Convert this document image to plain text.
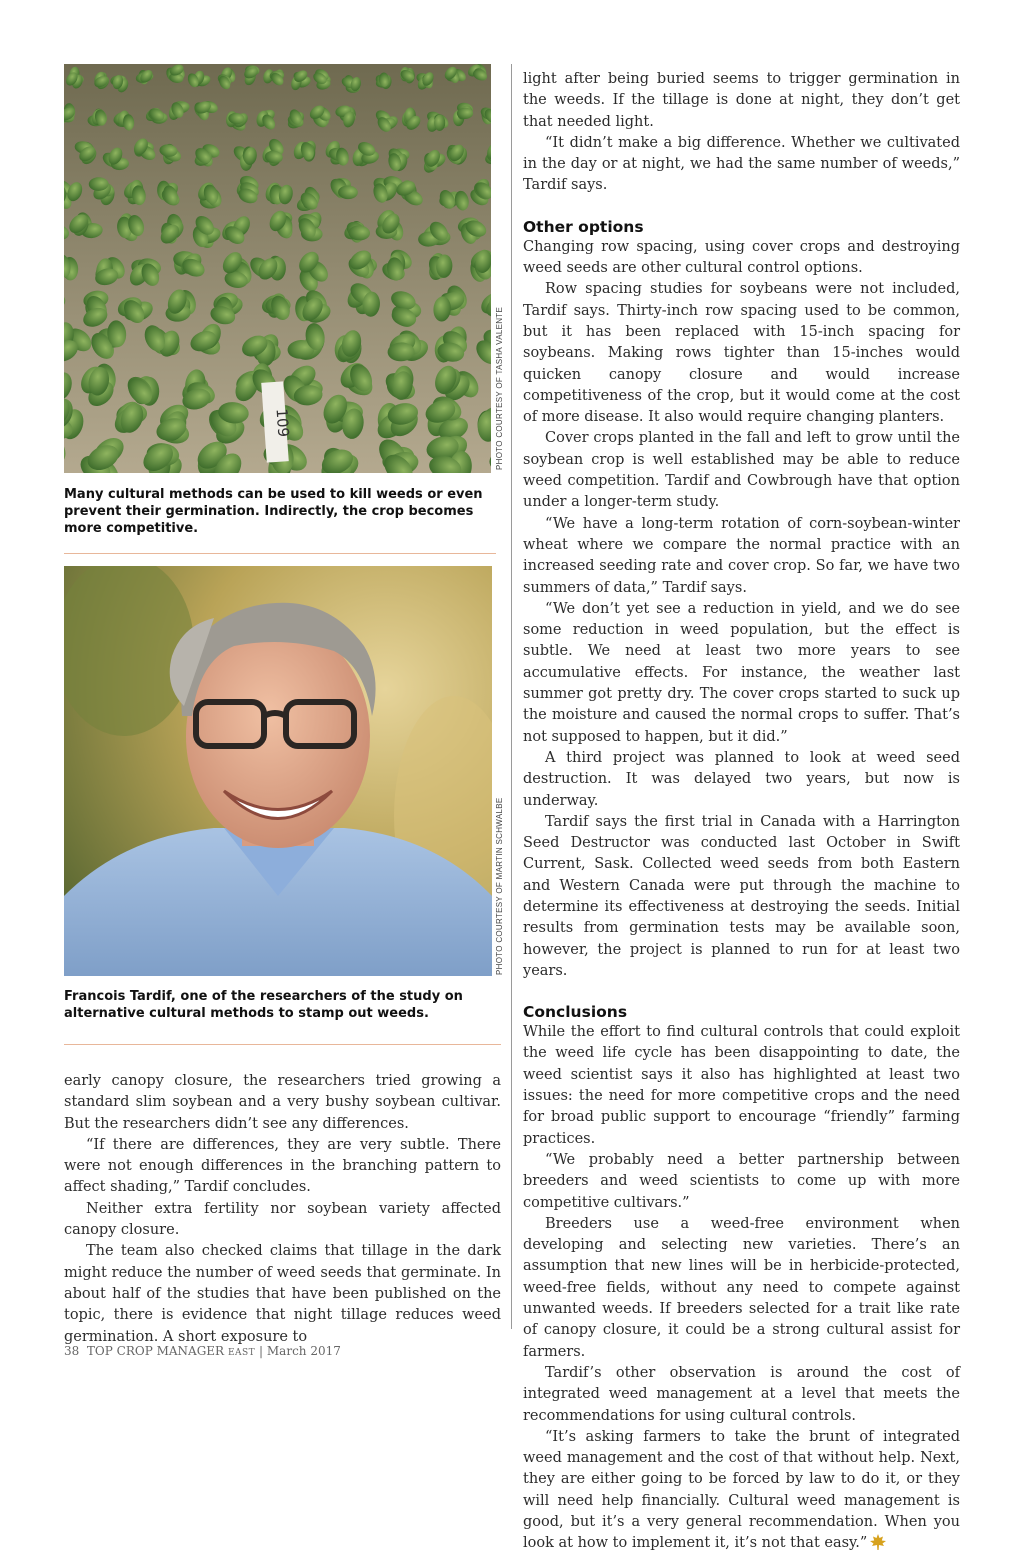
109	PHOTO COURTESY OF TASHA VALENTE
Many cultural methods can be used to kill weeds or even prevent their germination. Indirectly, the crop becomes more competitive.
PHOTO COURTESY OF MARTIN SCHWALBE
Francois Tardif, one of the researchers of the study on alternative cultural methods to stamp out weeds.

early canopy closure, the researchers tried growing a standard slim soybean and a very bushy soybean cultivar. But the researchers didn’t see any differences.

“If there are differences, they are very subtle. There were not enough differences in the branching pattern to affect shading,” Tardif concludes.

Neither extra fertility nor soybean variety affected canopy closure.

The team also checked claims that tillage in the dark might reduce the number of weed seeds that germinate. In about half of the studies that have been published on the topic, there is evidence that night tillage reduces weed germination. A short exposure to

light after being buried seems to trigger germination in the weeds. If the tillage is done at night, they don’t get that needed light.

“It didn’t make a big difference. Whether we cultivated in the day or at night, we had the same number of weeds,” Tardif says.

Other options

Changing row spacing, using cover crops and destroying weed seeds are other cultural control options.

Row spacing studies for soybeans were not included, Tardif says. Thirty-inch row spacing used to be common, but it has been replaced with 15-inch spacing for soybeans. Making rows tighter than 15-inches would quicken canopy closure and would increase competitiveness of the crop, but it would come at the cost of more disease. It also would require changing planters.

Cover crops planted in the fall and left to grow until the soybean crop is well established may be able to reduce weed competition. Tardif and Cowbrough have that option under a longer-term study.

“We have a long-term rotation of corn-soybean-winter wheat where we compare the normal practice with an increased seeding rate and cover crop. So far, we have two summers of data,” Tardif says.

“We don’t yet see a reduction in yield, and we do see some reduction in weed population, but the effect is subtle. We need at least two more years to see accumulative effects. For instance, the weather last summer got pretty dry. The cover crops started to suck up the moisture and caused the normal crops to suffer. That’s not supposed to happen, but it did.”

A third project was planned to look at weed seed destruction. It was delayed two years, but now is underway.

Tardif says the first trial in Canada with a Harrington Seed Destructor was conducted last October in Swift Current, Sask. Collected weed seeds from both Eastern and Western Canada were put through the machine to determine its effectiveness at destroying the seeds. Initial results from germination tests may be available soon, however, the project is planned to run for at least two years.

Conclusions

While the effort to find cultural controls that could exploit the weed life cycle has been disappointing to date, the weed scientist says it also has highlighted at least two issues: the need for more competitive crops and the need for broad public support to encourage “friendly” farming practices.

“We probably need a better partnership between breeders and weed scientists to come up with more competitive cultivars.”

Breeders use a weed-free environment when developing and selecting new varieties. There’s an assumption that new lines will be in herbicide-protected, weed-free fields, without any need to compete against unwanted weeds. If breeders selected for a trait like rate of canopy closure, it could be a strong cultural assist for farmers.

Tardif’s other observation is around the cost of integrated weed management at a level that meets the recommendations for using cultural controls.

“It’s asking farmers to take the brunt of integrated weed management and the cost of that without help. Next, they are either going to be forced by law to do it, or they will need help financially. Cultural weed management is good, but it’s a very general recommendation. When you look at how to implement it, it’s not that easy.”

38 TOP CROP MANAGER EAST | March 2017
